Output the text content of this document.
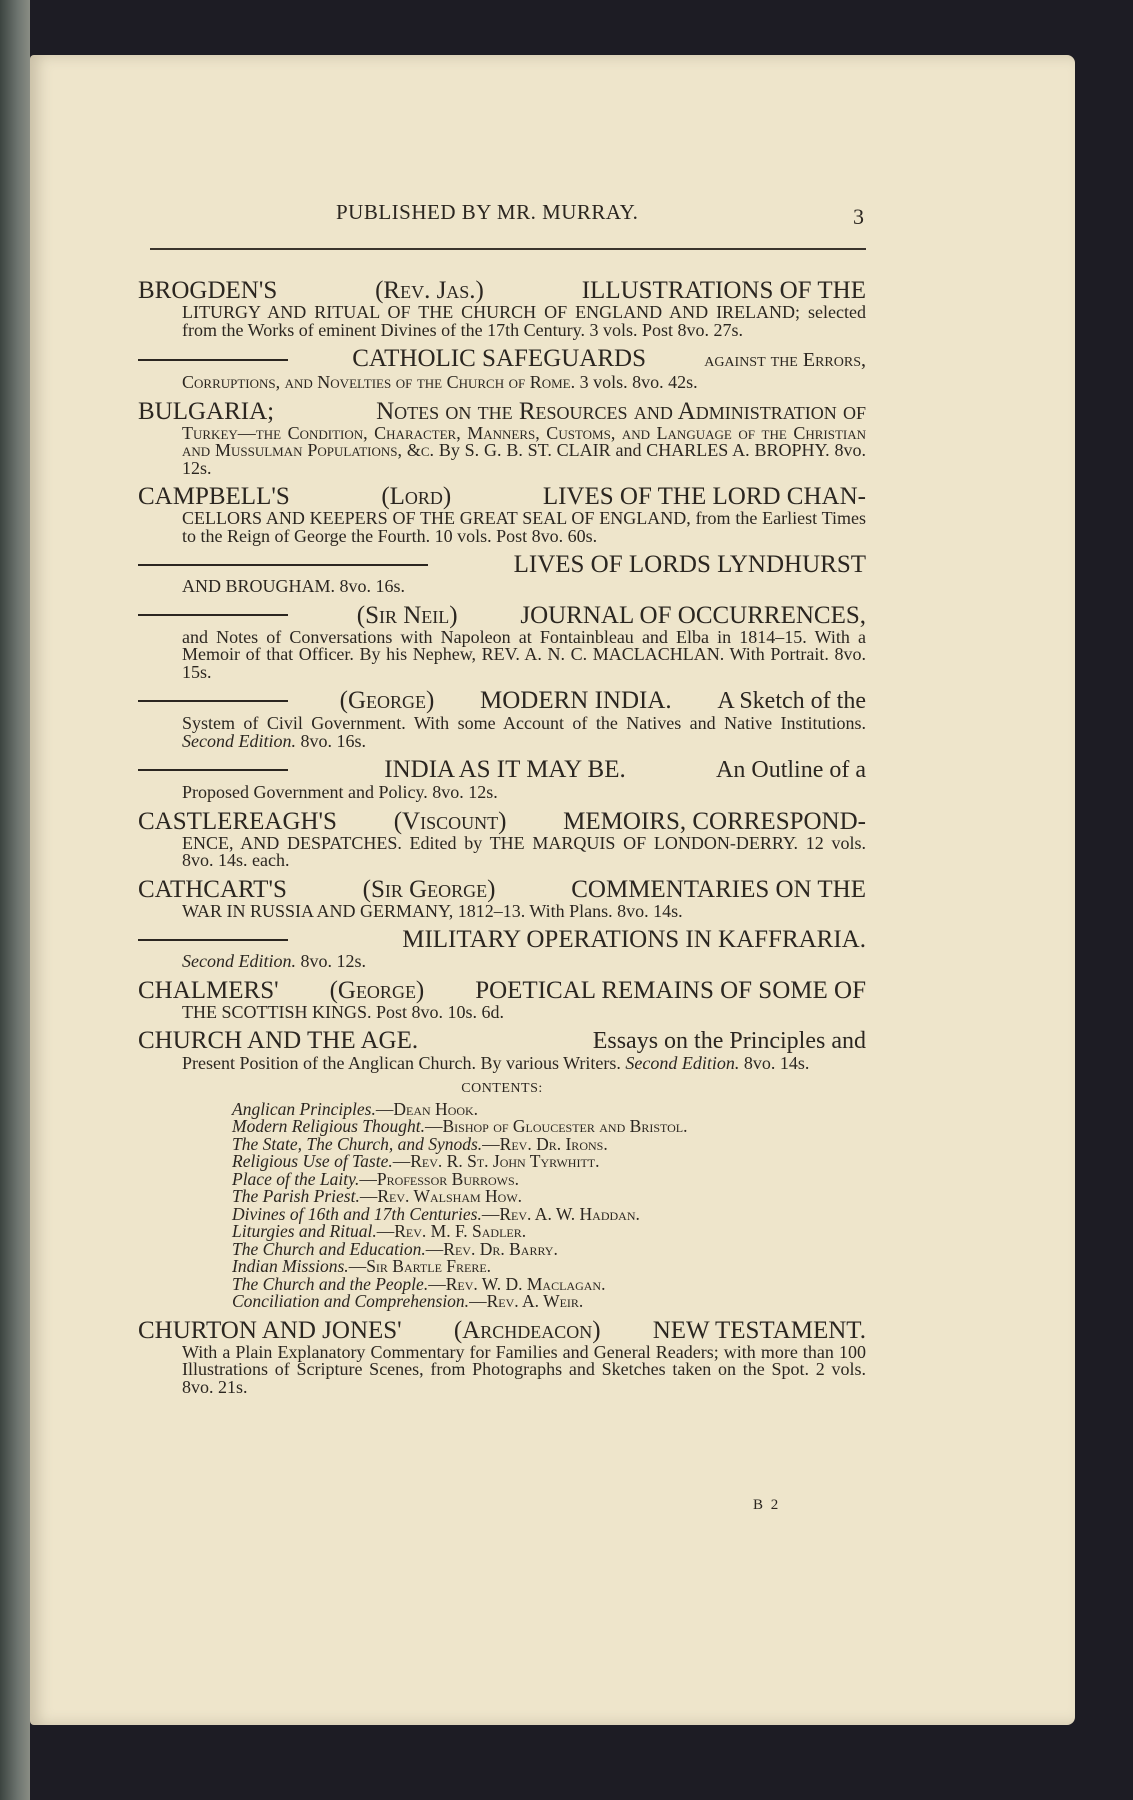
PUBLISHED BY MR. MURRAY.	3
BROGDEN'S	(Rev. Jas.)	ILLUSTRATIONS OF THE
LITURGY AND RITUAL OF THE CHURCH OF ENGLAND AND IRELAND; selected from the Works of eminent Divines of the 17th Century. 3 vols. Post 8vo. 27s.
CATHOLIC SAFEGUARDS	against the Errors,
Corruptions, and Novelties of the Church of Rome. 3 vols. 8vo. 42s.
BULGARIA;	Notes on the Resources and Administration of
Turkey—the Condition, Character, Manners, Customs, and Language of the Christian and Mussulman Populations, &c. By S. G. B. ST. CLAIR and CHARLES A. BROPHY. 8vo. 12s.
CAMPBELL'S	(Lord)	LIVES OF THE LORD CHAN-
CELLORS AND KEEPERS OF THE GREAT SEAL OF ENGLAND, from the Earliest Times to the Reign of George the Fourth. 10 vols. Post 8vo. 60s.
LIVES OF LORDS LYNDHURST
AND BROUGHAM. 8vo. 16s.
(Sir Neil)	JOURNAL OF OCCURRENCES,
and Notes of Conversations with Napoleon at Fontainbleau and Elba in 1814–15. With a Memoir of that Officer. By his Nephew, REV. A. N. C. MACLACHLAN. With Portrait. 8vo. 15s.
(George) MODERN INDIA. A Sketch of the
System of Civil Government. With some Account of the Natives and Native Institutions. Second Edition. 8vo. 16s.
INDIA AS IT MAY BE.	An Outline of a
Proposed Government and Policy. 8vo. 12s.
CASTLEREAGH'S (Viscount) MEMOIRS, CORRESPOND-
ENCE, AND DESPATCHES. Edited by THE MARQUIS OF LONDON-DERRY. 12 vols. 8vo. 14s. each.
CATHCART'S	(Sir George)	COMMENTARIES ON THE
WAR IN RUSSIA AND GERMANY, 1812–13. With Plans. 8vo. 14s.
MILITARY OPERATIONS IN KAFFRARIA.
Second Edition. 8vo. 12s.
CHALMERS' (George) POETICAL REMAINS OF SOME OF
THE SCOTTISH KINGS. Post 8vo. 10s. 6d.
CHURCH AND THE AGE.	Essays on the Principles and
Present Position of the Anglican Church. By various Writers. Second Edition. 8vo. 14s.
CONTENTS:
Anglican Principles.—Dean Hook.
Modern Religious Thought.—Bishop of Gloucester and Bristol.
The State, The Church, and Synods.—Rev. Dr. Irons.
Religious Use of Taste.—Rev. R. St. John Tyrwhitt.
Place of the Laity.—Professor Burrows.
The Parish Priest.—Rev. Walsham How.
Divines of 16th and 17th Centuries.—Rev. A. W. Haddan.
Liturgies and Ritual.—Rev. M. F. Sadler.
The Church and Education.—Rev. Dr. Barry.
Indian Missions.—Sir Bartle Frere.
The Church and the People.—Rev. W. D. Maclagan.
Conciliation and Comprehension.—Rev. A. Weir.
CHURTON AND JONES' (Archdeacon) NEW TESTAMENT.
With a Plain Explanatory Commentary for Families and General Readers; with more than 100 Illustrations of Scripture Scenes, from Photographs and Sketches taken on the Spot. 2 vols. 8vo. 21s.
B 2
